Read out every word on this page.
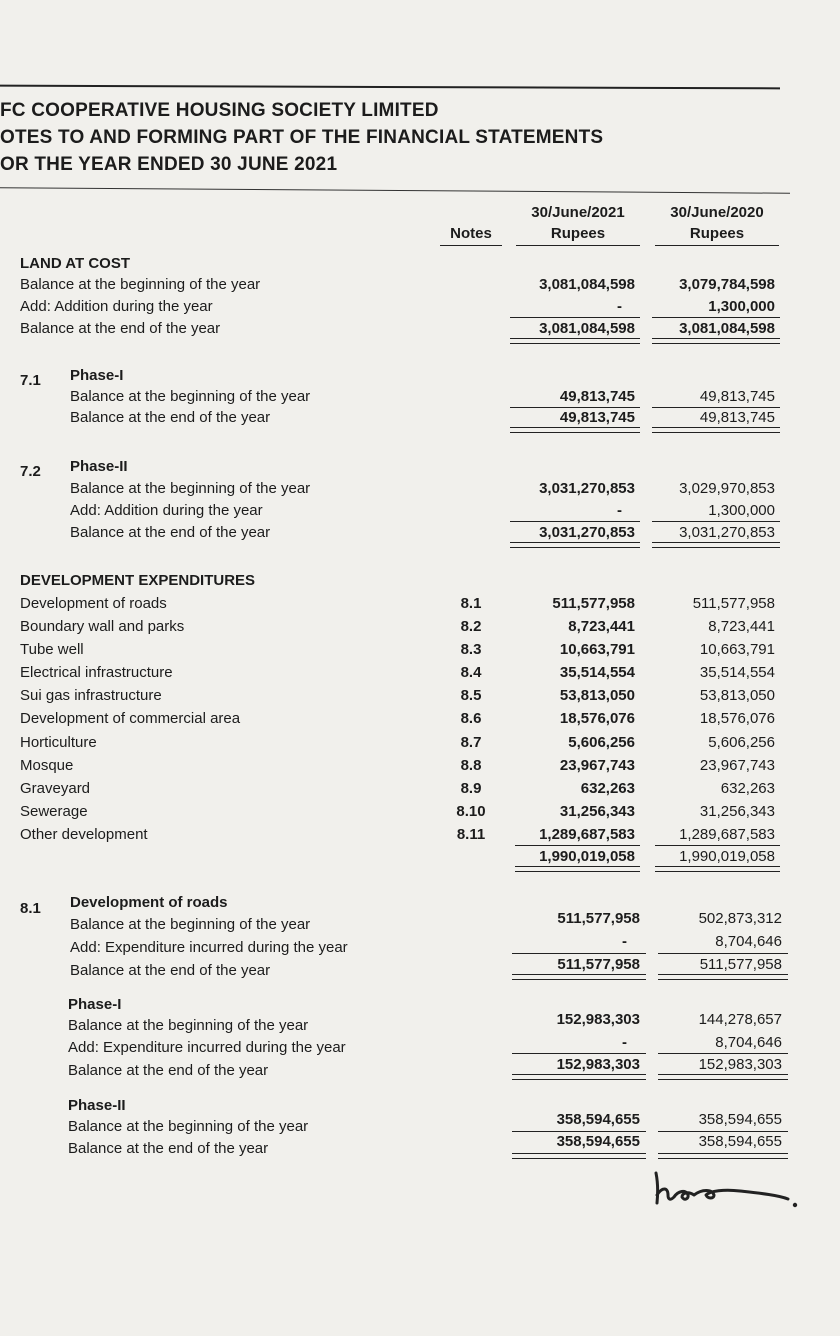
FC COOPERATIVE HOUSING SOCIETY LIMITED
OTES TO AND FORMING PART OF THE FINANCIAL STATEMENTS
OR THE YEAR ENDED 30 JUNE 2021
Notes
30/June/2021
Rupees
30/June/2020
Rupees
LAND AT COST
Balance at the beginning of the year
Add: Addition during the year
Balance at the end of the year
3,081,084,598
-
3,081,084,598
3,079,784,598
1,300,000
3,081,084,598
7.1 Phase-I
Balance at the beginning of the year
Balance at the end of the year
49,813,745
49,813,745
49,813,745
49,813,745
7.2 Phase-II
Balance at the beginning of the year
Add: Addition during the year
Balance at the end of the year
3,031,270,853
-
3,031,270,853
3,029,970,853
1,300,000
3,031,270,853
DEVELOPMENT EXPENDITURES
Development of roads
Boundary wall and parks
Tube well
Electrical infrastructure
Sui gas infrastructure
Development of commercial area
Horticulture
Mosque
Graveyard
Sewerage
Other development
8.1
8.2
8.3
8.4
8.5
8.6
8.7
8.8
8.9
8.10
8.11
511,577,958
8,723,441
10,663,791
35,514,554
53,813,050
18,576,076
5,606,256
23,967,743
632,263
31,256,343
1,289,687,583
1,990,019,058
511,577,958
8,723,441
10,663,791
35,514,554
53,813,050
18,576,076
5,606,256
23,967,743
632,263
31,256,343
1,289,687,583
1,990,019,058
8.1 Development of roads
Balance at the beginning of the year
Add: Expenditure incurred during the year
Balance at the end of the year
511,577,958
-
511,577,958
502,873,312
8,704,646
511,577,958
Phase-I
Balance at the beginning of the year
Add: Expenditure incurred during the year
Balance at the end of the year
152,983,303
-
152,983,303
144,278,657
8,704,646
152,983,303
Phase-II
Balance at the beginning of the year
Balance at the end of the year
358,594,655
358,594,655
358,594,655
358,594,655
